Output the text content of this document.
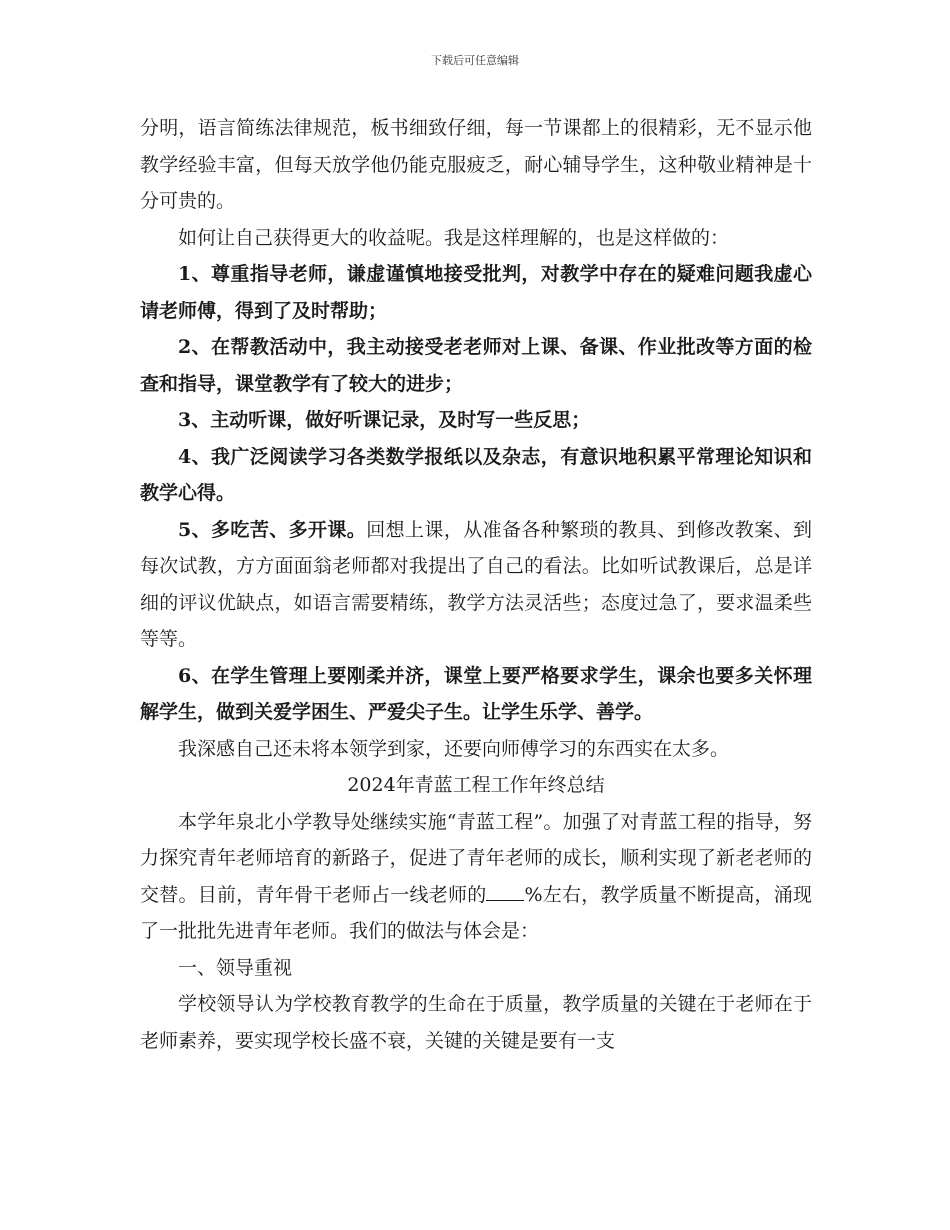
下载后可任意编辑

分明，语言简练法律规范，板书细致仔细，每一节课都上的很精彩，无不显示他教学经验丰富，但每天放学他仍能克服疲乏，耐心辅导学生，这种敬业精神是十分可贵的。

如何让自己获得更大的收益呢。我是这样理解的，也是这样做的：

1、尊重指导老师，谦虚谨慎地接受批判，对教学中存在的疑难问题我虚心请老师傅，得到了及时帮助；

2、在帮教活动中，我主动接受老老师对上课、备课、作业批改等方面的检查和指导，课堂教学有了较大的进步；

3、主动听课，做好听课记录，及时写一些反思；

4、我广泛阅读学习各类数学报纸以及杂志，有意识地积累平常理论知识和教学心得。

5、多吃苦、多开课。回想上课，从准备各种繁琐的教具、到修改教案、到每次试教，方方面面翁老师都对我提出了自己的看法。比如听试教课后，总是详细的评议优缺点，如语言需要精练，教学方法灵活些；态度过急了，要求温柔些等等。

6、在学生管理上要刚柔并济，课堂上要严格要求学生，课余也要多关怀理解学生，做到关爱学困生、严爱尖子生。让学生乐学、善学。

我深感自己还未将本领学到家，还要向师傅学习的东西实在太多。

2024年青蓝工程工作年终总结

本学年泉北小学教导处继续实施“青蓝工程”。加强了对青蓝工程的指导，努力探究青年老师培育的新路子，促进了青年老师的成长，顺利实现了新老老师的交替。目前，青年骨干老师占一线老师的 %左右，教学质量不断提高，涌现了一批批先进青年老师。我们的做法与体会是：

一、领导重视

学校领导认为学校教育教学的生命在于质量，教学质量的关键在于老师在于老师素养，要实现学校长盛不衰，关键的关键是要有一支
